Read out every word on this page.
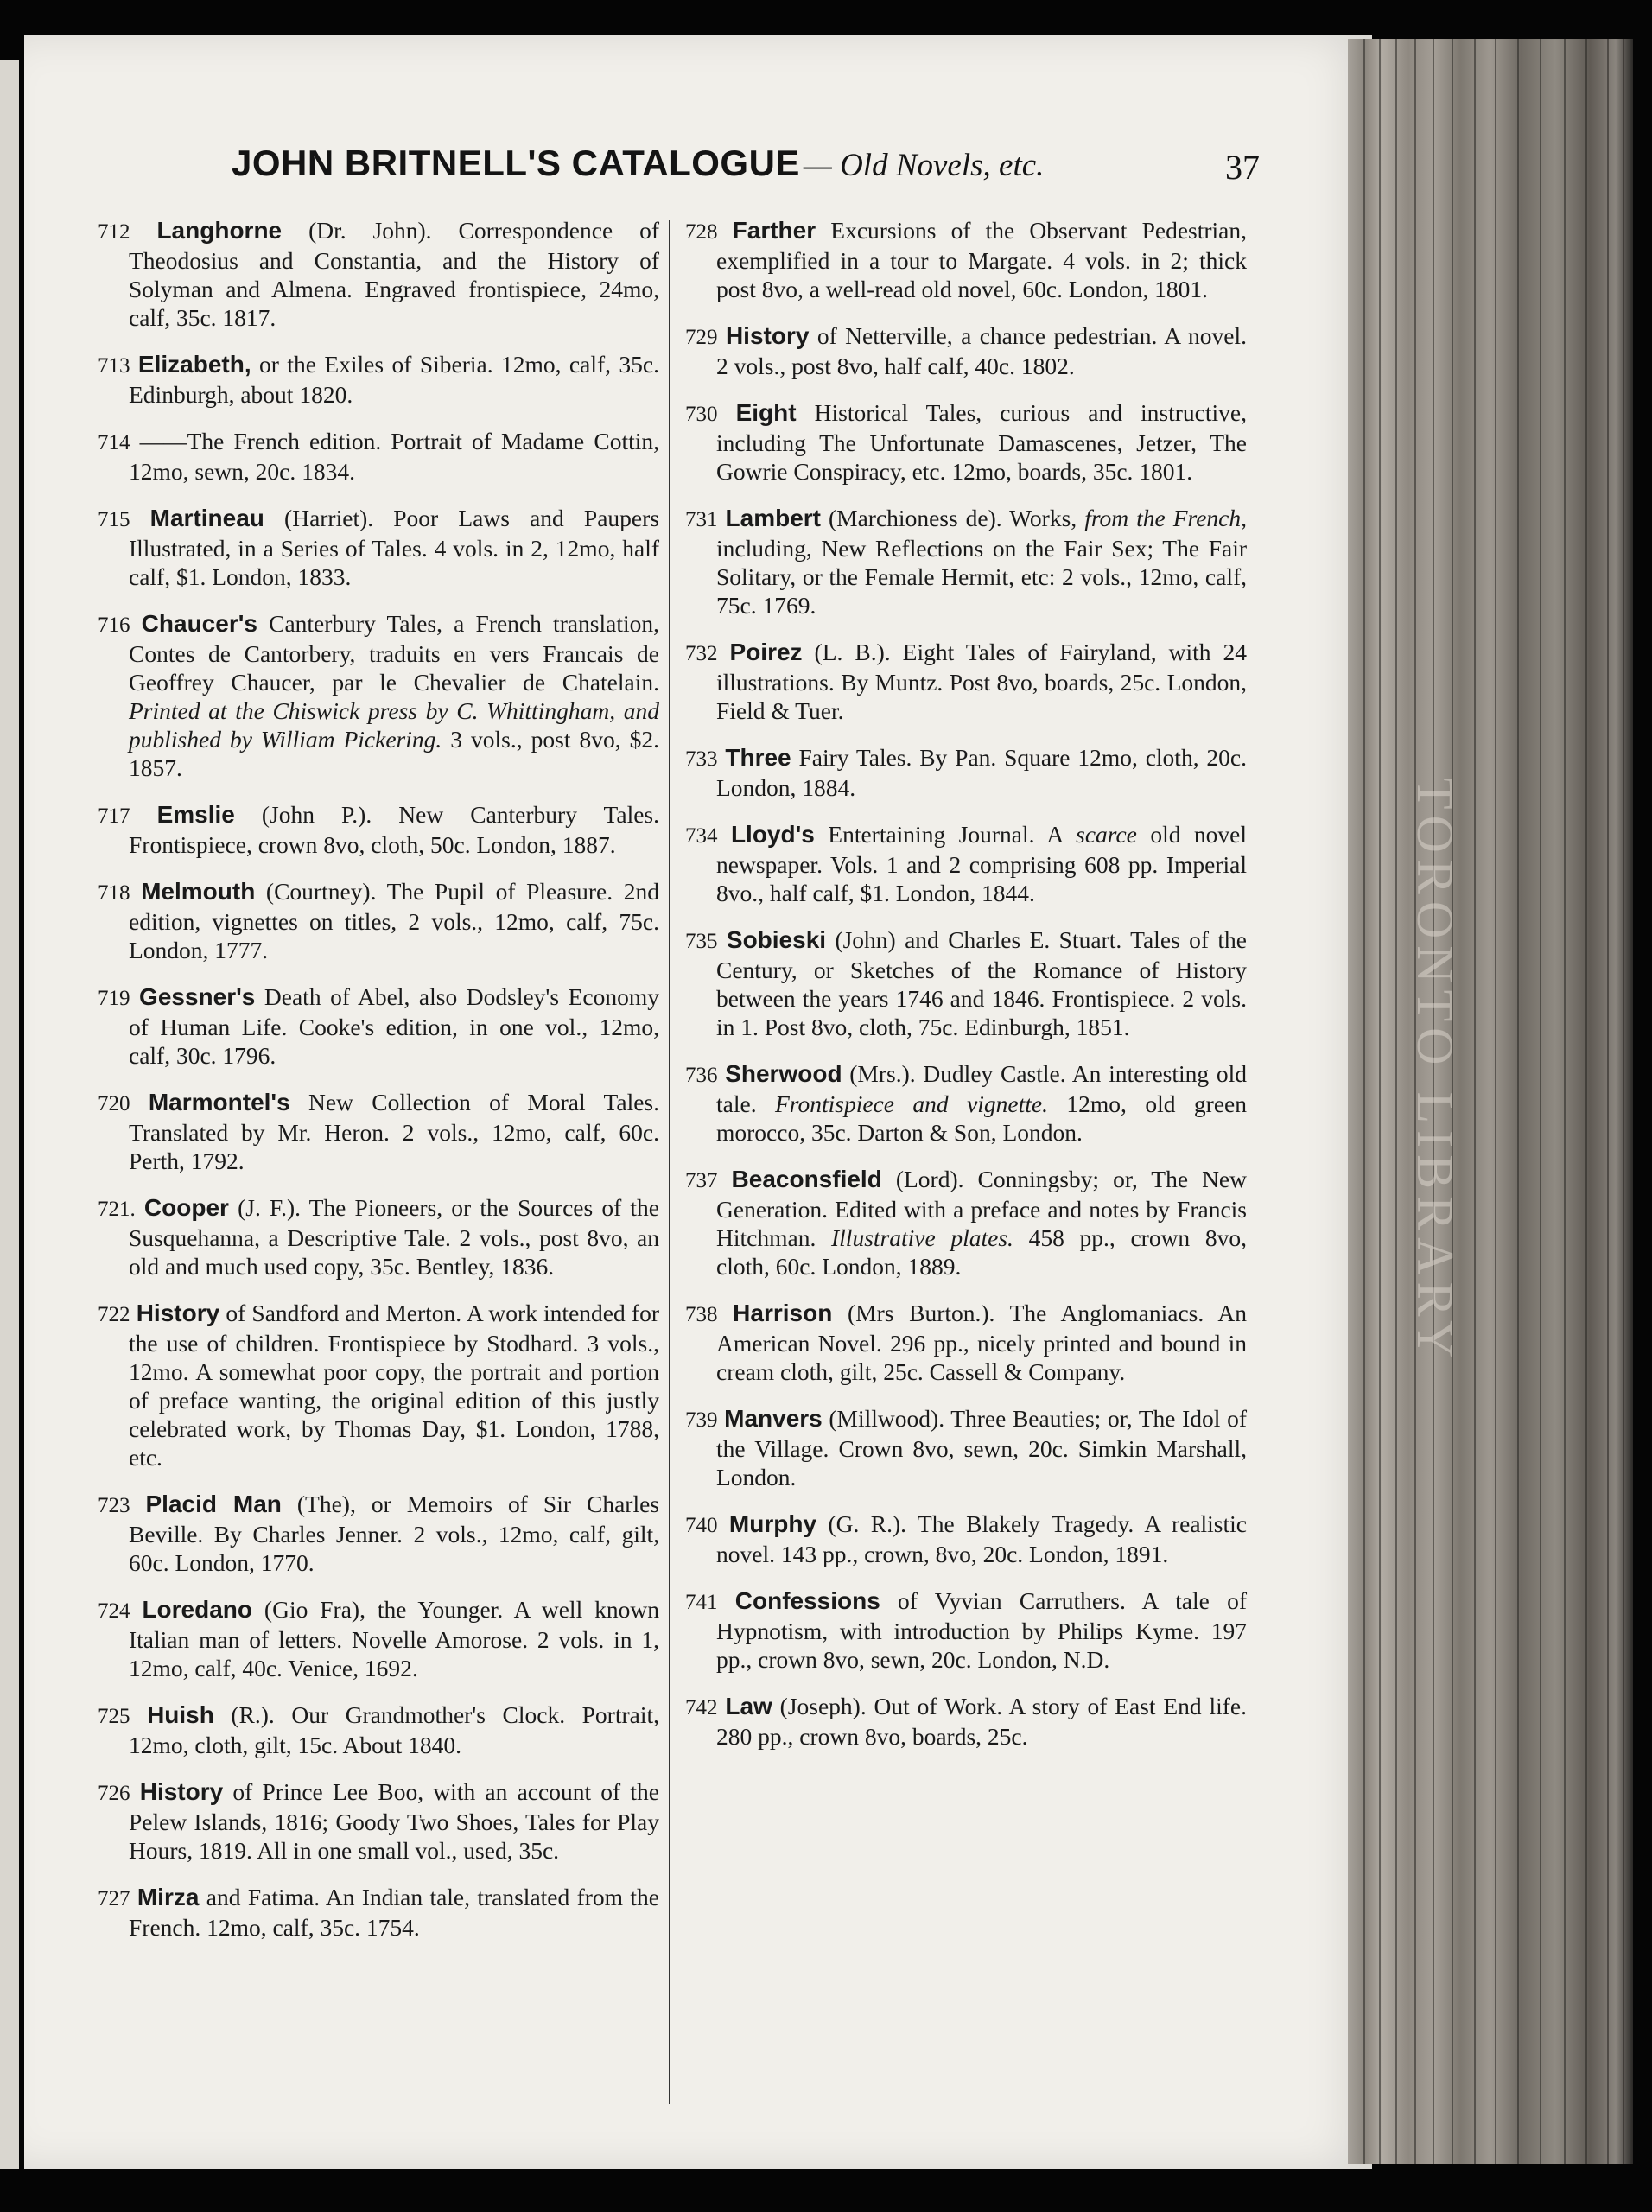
JOHN BRITNELL'S CATALOGUE — Old Novels, etc.	37
712 Langhorne (Dr. John). Correspondence of Theodosius and Constantia, and the History of Solyman and Almena. Engraved frontispiece, 24mo, calf, 35c. 1817.
713 Elizabeth, or the Exiles of Siberia. 12mo, calf, 35c. Edinburgh, about 1820.
714 ——The French edition. Portrait of Madame Cottin, 12mo, sewn, 20c. 1834.
715 Martineau (Harriet). Poor Laws and Paupers Illustrated, in a Series of Tales. 4 vols. in 2, 12mo, half calf, $1. London, 1833.
716 Chaucer's Canterbury Tales, a French translation, Contes de Cantorbery, traduits en vers Francais de Geoffrey Chaucer, par le Chevalier de Chatelain. Printed at the Chiswick press by C. Whittingham, and published by William Pickering. 3 vols., post 8vo, $2. 1857.
717 Emslie (John P.). New Canterbury Tales. Frontispiece, crown 8vo, cloth, 50c. London, 1887.
718 Melmouth (Courtney). The Pupil of Pleasure. 2nd edition, vignettes on titles, 2 vols., 12mo, calf, 75c. London, 1777.
719 Gessner's Death of Abel, also Dodsley's Economy of Human Life. Cooke's edition, in one vol., 12mo, calf, 30c. 1796.
720 Marmontel's New Collection of Moral Tales. Translated by Mr. Heron. 2 vols., 12mo, calf, 60c. Perth, 1792.
721. Cooper (J. F.). The Pioneers, or the Sources of the Susquehanna, a Descriptive Tale. 2 vols., post 8vo, an old and much used copy, 35c. Bentley, 1836.
722 History of Sandford and Merton. A work intended for the use of children. Frontispiece by Stodhard. 3 vols., 12mo. A somewhat poor copy, the portrait and portion of preface wanting, the original edition of this justly celebrated work, by Thomas Day, $1. London, 1788, etc.
723 Placid Man (The), or Memoirs of Sir Charles Beville. By Charles Jenner. 2 vols., 12mo, calf, gilt, 60c. London, 1770.
724 Loredano (Gio Fra), the Younger. A well known Italian man of letters. Novelle Amorose. 2 vols. in 1, 12mo, calf, 40c. Venice, 1692.
725 Huish (R.). Our Grandmother's Clock. Portrait, 12mo, cloth, gilt, 15c. About 1840.
726 History of Prince Lee Boo, with an account of the Pelew Islands, 1816; Goody Two Shoes, Tales for Play Hours, 1819. All in one small vol., used, 35c.
727 Mirza and Fatima. An Indian tale, translated from the French. 12mo, calf, 35c. 1754.
728 Farther Excursions of the Observant Pedestrian, exemplified in a tour to Margate. 4 vols. in 2; thick post 8vo, a well-read old novel, 60c. London, 1801.
729 History of Netterville, a chance pedestrian. A novel. 2 vols., post 8vo, half calf, 40c. 1802.
730 Eight Historical Tales, curious and instructive, including The Unfortunate Damascenes, Jetzer, The Gowrie Conspiracy, etc. 12mo, boards, 35c. 1801.
731 Lambert (Marchioness de). Works, from the French, including, New Reflections on the Fair Sex; The Fair Solitary, or the Female Hermit, etc: 2 vols., 12mo, calf, 75c. 1769.
732 Poirez (L. B.). Eight Tales of Fairyland, with 24 illustrations. By Muntz. Post 8vo, boards, 25c. London, Field & Tuer.
733 Three Fairy Tales. By Pan. Square 12mo, cloth, 20c. London, 1884.
734 Lloyd's Entertaining Journal. A scarce old novel newspaper. Vols. 1 and 2 comprising 608 pp. Imperial 8vo., half calf, $1. London, 1844.
735 Sobieski (John) and Charles E. Stuart. Tales of the Century, or Sketches of the Romance of History between the years 1746 and 1846. Frontispiece. 2 vols. in 1. Post 8vo, cloth, 75c. Edinburgh, 1851.
736 Sherwood (Mrs.). Dudley Castle. An interesting old tale. Frontispiece and vignette. 12mo, old green morocco, 35c. Darton & Son, London.
737 Beaconsfield (Lord). Conningsby; or, The New Generation. Edited with a preface and notes by Francis Hitchman. Illustrative plates. 458 pp., crown 8vo, cloth, 60c. London, 1889.
738 Harrison (Mrs Burton.). The Anglomaniacs. An American Novel. 296 pp., nicely printed and bound in cream cloth, gilt, 25c. Cassell & Company.
739 Manvers (Millwood). Three Beauties; or, The Idol of the Village. Crown 8vo, sewn, 20c. Simkin Marshall, London.
740 Murphy (G. R.). The Blakely Tragedy. A realistic novel. 143 pp., crown, 8vo, 20c. London, 1891.
741 Confessions of Vyvian Carruthers. A tale of Hypnotism, with introduction by Philips Kyme. 197 pp., crown 8vo, sewn, 20c. London, N.D.
742 Law (Joseph). Out of Work. A story of East End life. 280 pp., crown 8vo, boards, 25c.
TORONTO LIBRARY
